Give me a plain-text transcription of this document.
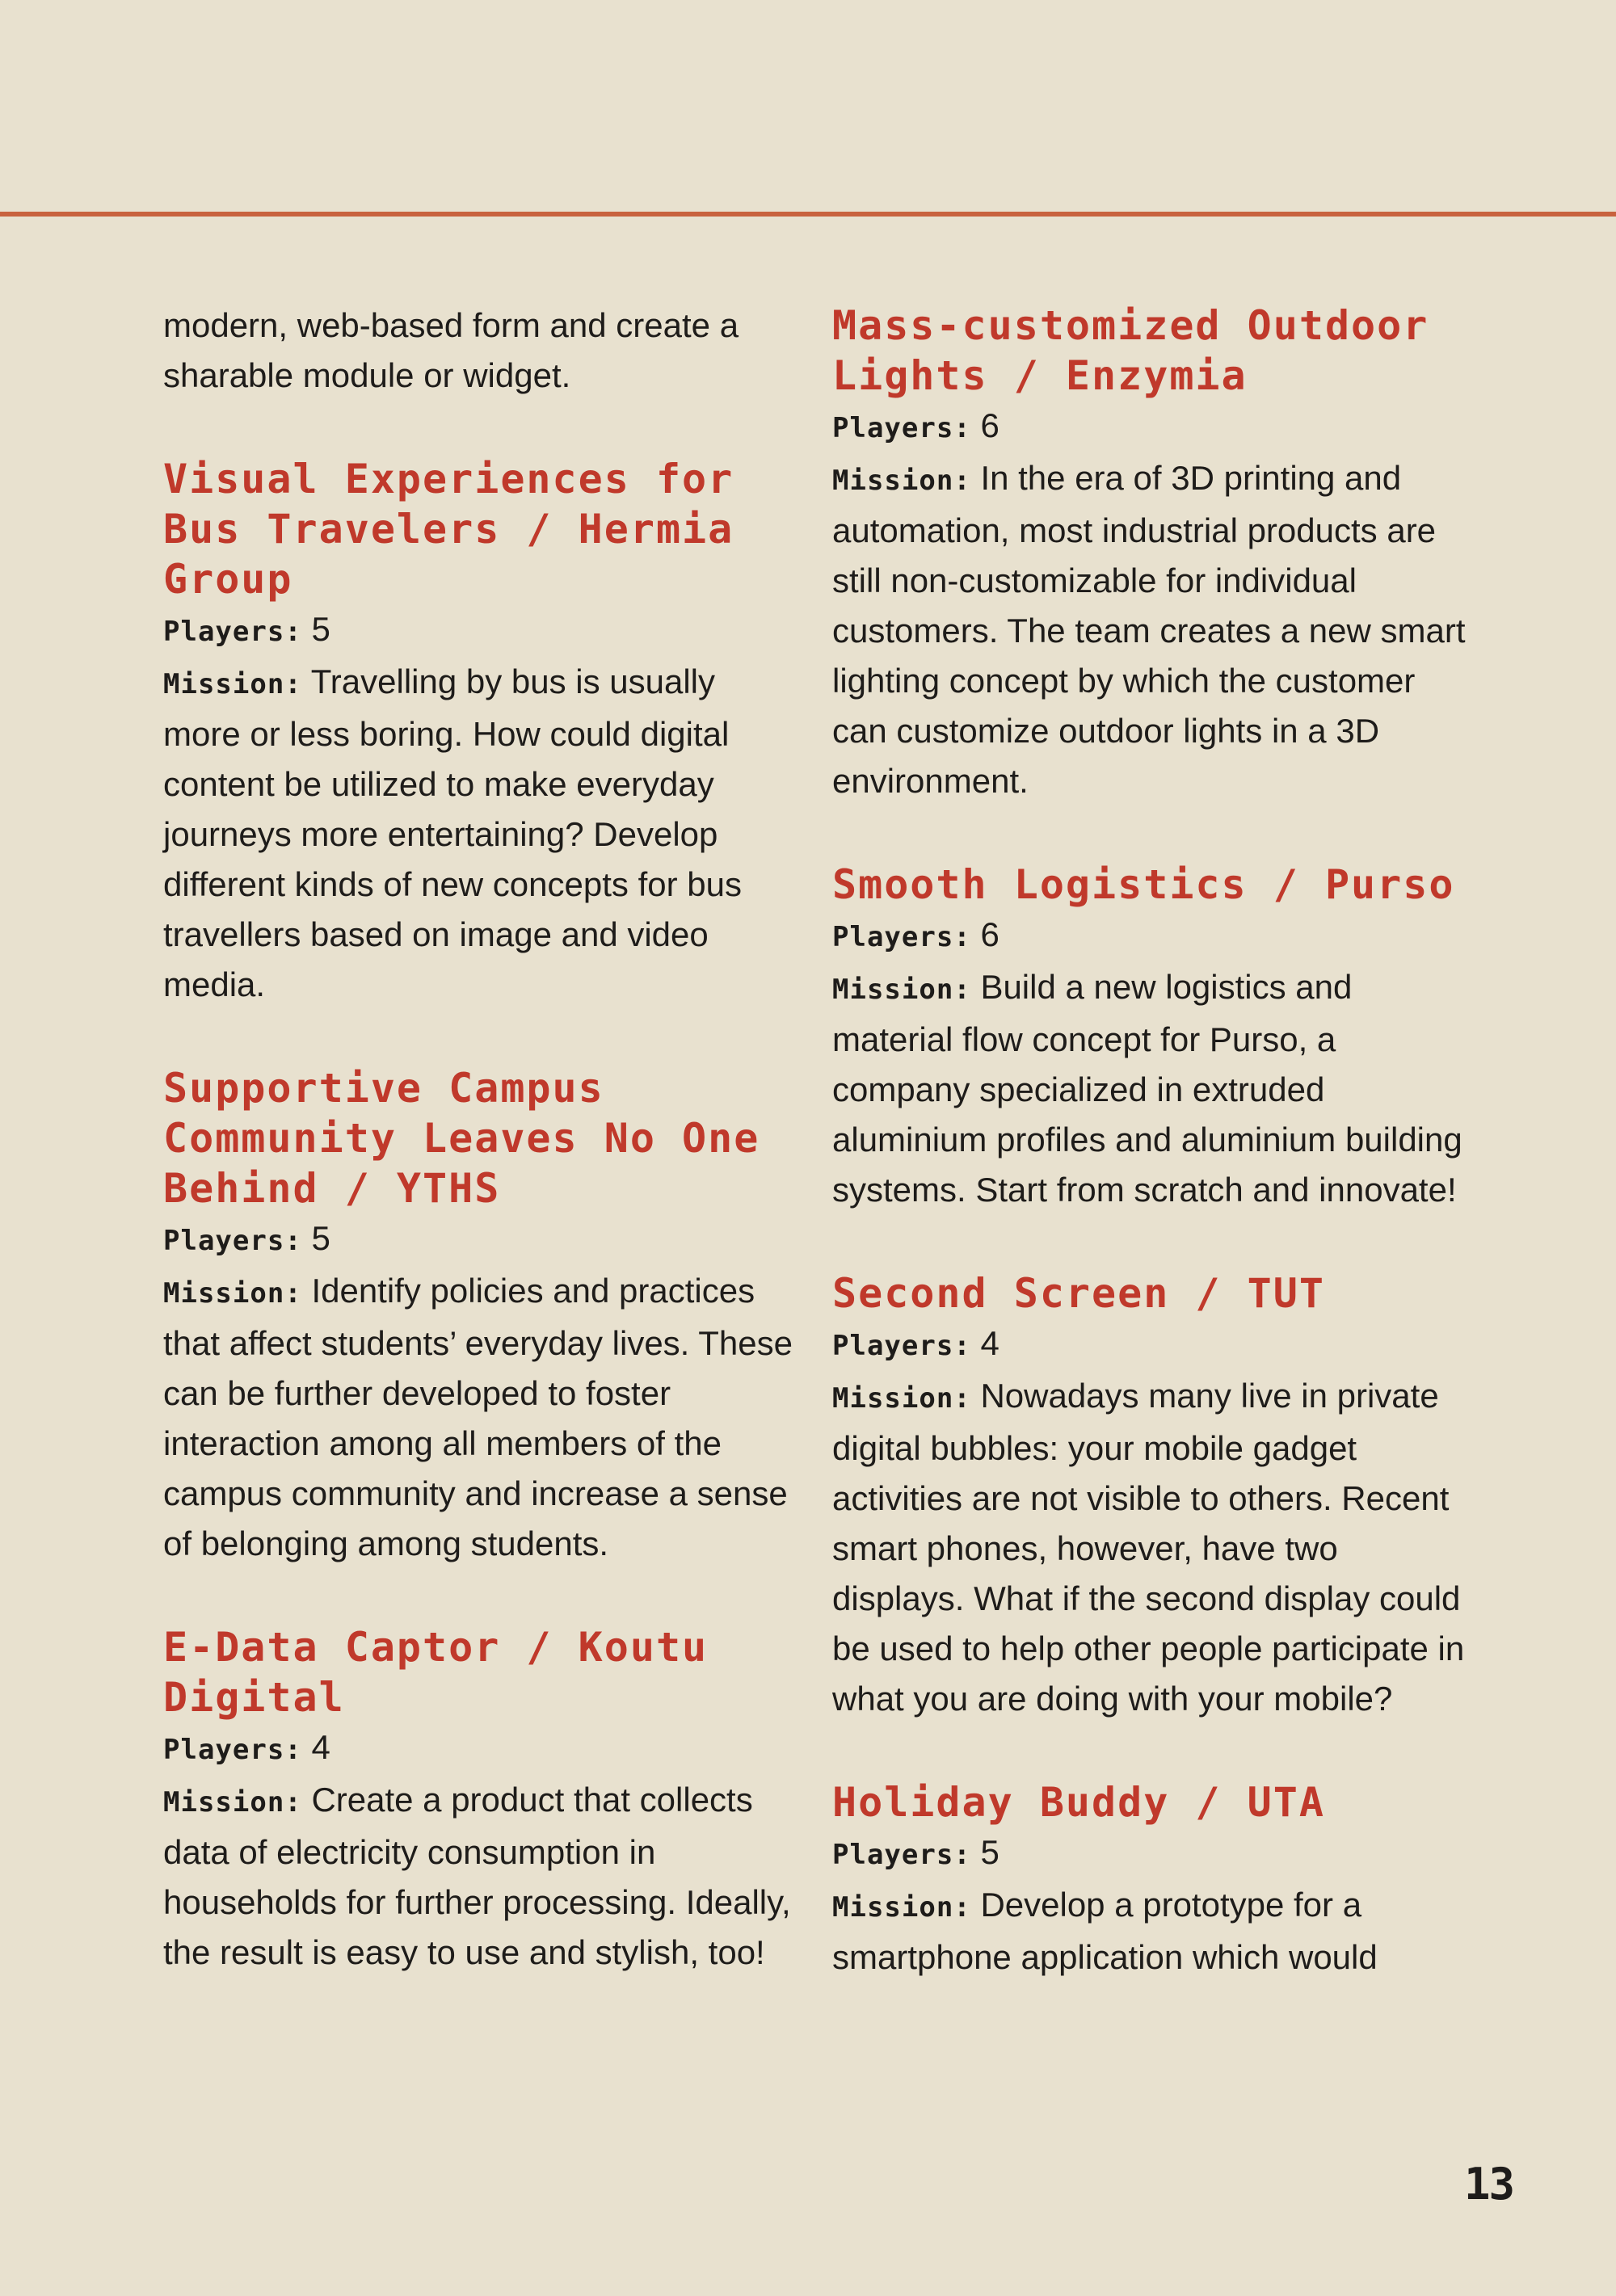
modern, web-based form and create a sharable module or widget.

Visual Experiences for Bus Travelers / Hermia Group

Players: 5

Mission: Travelling by bus is usually more or less boring. How could digital content be utilized to make everyday journeys more entertaining? Develop different kinds of new concepts for bus travellers based on image and video media.

Supportive Campus Community Leaves No One Behind / YTHS

Players: 5

Mission: Identify policies and practices that affect students’ everyday lives. These can be further developed to foster interaction among all members of the campus community and increase a sense of belonging among students.

E-Data Captor / Koutu Digital

Players: 4

Mission: Create a product that collects data of electricity consumption in households for further processing. Ideally, the result is easy to use and stylish, too!

Mass-customized Outdoor Lights / Enzymia

Players: 6

Mission: In the era of 3D printing and automation, most industrial products are still non-customizable for individual customers. The team creates a new smart lighting concept by which the customer can customize outdoor lights in a 3D environment.

Smooth Logistics / Purso

Players: 6

Mission: Build a new logistics and material flow concept for Purso, a company specialized in extruded aluminium profiles and aluminium building systems. Start from scratch and innovate!

Second Screen / TUT

Players: 4

Mission: Nowadays many live in private digital bubbles: your mobile gadget activities are not visible to others. Recent smart phones, however, have two displays. What if the second display could be used to help other people participate in what you are doing with your mobile?

Holiday Buddy / UTA

Players: 5

Mission: Develop a prototype for a smartphone application which would

13
